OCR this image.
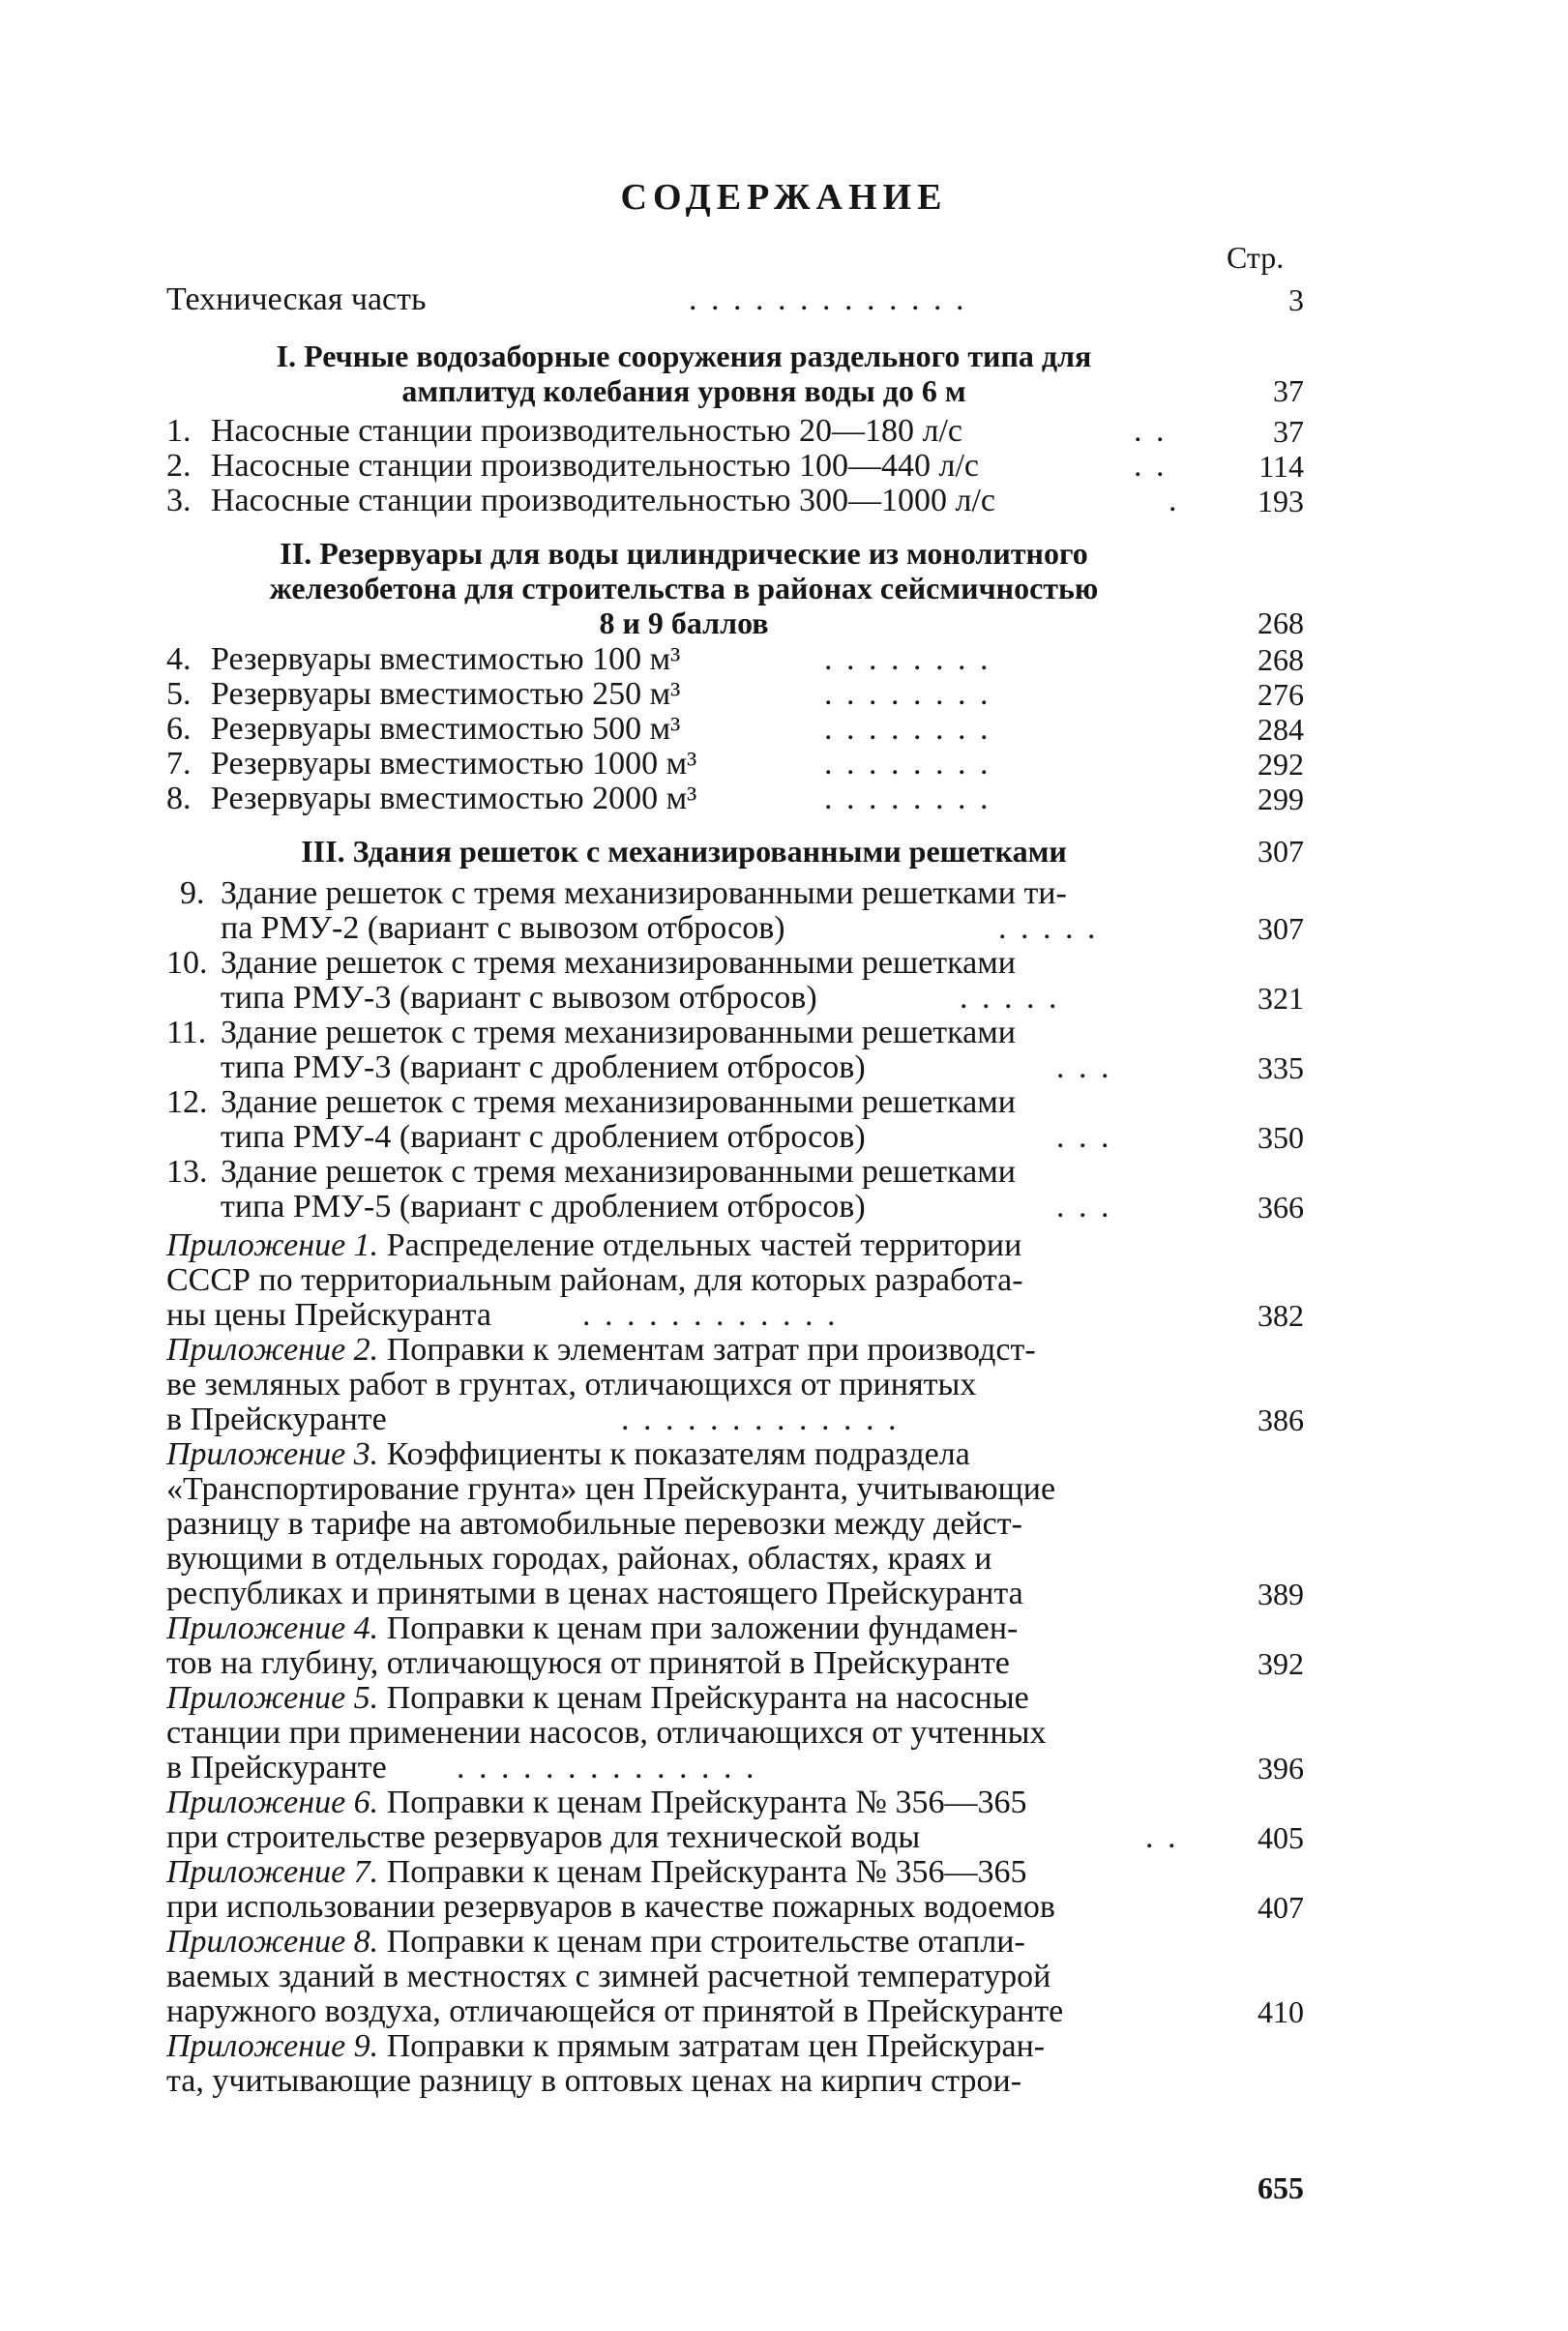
СОДЕРЖАНИЕ
Стр.
Техническая часть	. . . . . . . . . . . . .	3
I. Речные водозаборные сооружения раздельного типа для
амплитуд колебания уровня воды до 6 м	37
1. Насосные станции производительностью 20—180 л/с	. .	37
2. Насосные станции производительностью 100—440 л/с	. .	114
3. Насосные станции производительностью 300—1000 л/с	.	193
II. Резервуары для воды цилиндрические из монолитного
железобетона для строительства в районах сейсмичностью
8 и 9 баллов	268
4. Резервуары вместимостью 100 м³	. . . . . . . .	268
5. Резервуары вместимостью 250 м³	. . . . . . . .	276
6. Резервуары вместимостью 500 м³	. . . . . . . .	284
7. Резервуары вместимостью 1000 м³	. . . . . . . .	292
8. Резервуары вместимостью 2000 м³	. . . . . . . .	299
III. Здания решеток с механизированными решетками	307
9. Здание решеток с тремя механизированными решетками ти-
па РМУ-2 (вариант с вывозом отбросов)	. . . . .	307
10. Здание решеток с тремя механизированными решетками
типа РМУ-3 (вариант с вывозом отбросов)	. . . . .	321
11. Здание решеток с тремя механизированными решетками
типа РМУ-3 (вариант с дроблением отбросов)	. . .	335
12. Здание решеток с тремя механизированными решетками
типа РМУ-4 (вариант с дроблением отбросов)	. . .	350
13. Здание решеток с тремя механизированными решетками
типа РМУ-5 (вариант с дроблением отбросов)	. . .	366
Приложение 1. Распределение отдельных частей территории
СССР по территориальным районам, для которых разработа-
ны цены Прейскуранта	. . . . . . . . . . . .	382
Приложение 2. Поправки к элементам затрат при производст-
ве земляных работ в грунтах, отличающихся от принятых
в Прейскуранте	. . . . . . . . . . . . .	386
Приложение 3. Коэффициенты к показателям подраздела
«Транспортирование грунта» цен Прейскуранта, учитывающие
разницу в тарифе на автомобильные перевозки между дейст-
вующими в отдельных городах, районах, областях, краях и
республиках и принятыми в ценах настоящего Прейскуранта	389
Приложение 4. Поправки к ценам при заложении фундамен-
тов на глубину, отличающуюся от принятой в Прейскуранте	392
Приложение 5. Поправки к ценам Прейскуранта на насосные
станции при применении насосов, отличающихся от учтенных
в Прейскуранте . . . . . . . . . . . . . .	396
Приложение 6. Поправки к ценам Прейскуранта № 356—365
при строительстве резервуаров для технической воды	. .	405
Приложение 7. Поправки к ценам Прейскуранта № 356—365
при использовании резервуаров в качестве пожарных водоемов	407
Приложение 8. Поправки к ценам при строительстве отапли-
ваемых зданий в местностях с зимней расчетной температурой
наружного воздуха, отличающейся от принятой в Прейскуранте	410
Приложение 9. Поправки к прямым затратам цен Прейскуран-
та, учитывающие разницу в оптовых ценах на кирпич строи-
655
